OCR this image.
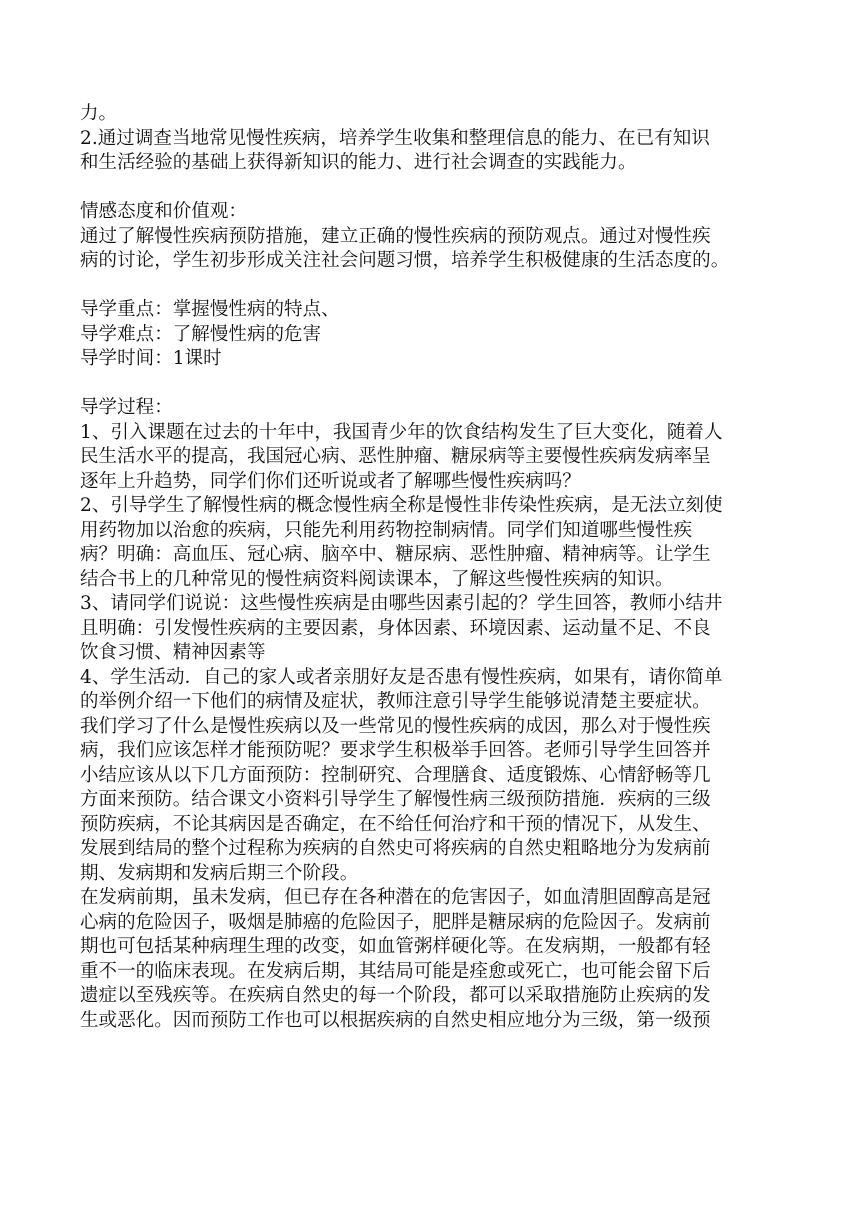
力。
2.通过调查当地常见慢性疾病，培养学生收集和整理信息的能力、在已有知识
和生活经验的基础上获得新知识的能力、进行社会调查的实践能力。
情感态度和价值观：
通过了解慢性疾病预防措施，建立正确的慢性疾病的预防观点。通过对慢性疾
病的讨论，学生初步形成关注社会问题习惯，培养学生积极健康的生活态度的。
导学重点：掌握慢性病的特点、
导学难点：了解慢性病的危害
导学时间：1课时
导学过程：
1、引入课题在过去的十年中，我国青少年的饮食结构发生了巨大变化，随着人
民生活水平的提高，我国冠心病、恶性肿瘤、糖尿病等主要慢性疾病发病率呈
逐年上升趋势，同学们你们还听说或者了解哪些慢性疾病吗？
2、引导学生了解慢性病的概念慢性病全称是慢性非传染性疾病，是无法立刻使
用药物加以治愈的疾病，只能先利用药物控制病情。同学们知道哪些慢性疾
病？明确：高血压、冠心病、脑卒中、糖尿病、恶性肿瘤、精神病等。让学生
结合书上的几种常见的慢性病资料阅读课本，了解这些慢性疾病的知识。
3、请同学们说说：这些慢性疾病是由哪些因素引起的？学生回答，教师小结井
且明确：引发慢性疾病的主要因素，身体因素、环境因素、运动量不足、不良
饮食习惯、精神因素等
4、学生活动．自己的家人或者亲朋好友是否患有慢性疾病，如果有，请你简单
的举例介绍一下他们的病情及症状，教师注意引导学生能够说清楚主要症状。
我们学习了什么是慢性疾病以及一些常见的慢性疾病的成因，那么对于慢性疾
病，我们应该怎样才能预防呢？要求学生积极举手回答。老师引导学生回答并
小结应该从以下几方面预防：控制研究、合理膳食、适度锻炼、心情舒畅等几
方面来预防。结合课文小资料引导学生了解慢性病三级预防措施．疾病的三级
预防疾病，不论其病因是否确定，在不给任何治疗和干预的情况下，从发生、
发展到结局的整个过程称为疾病的自然史可将疾病的自然史粗略地分为发病前
期、发病期和发病后期三个阶段。
在发病前期，虽未发病，但已存在各种潜在的危害因子，如血清胆固醇高是冠
心病的危险因子，吸烟是肺癌的危险因子，肥胖是糖尿病的危险因子。发病前
期也可包括某种病理生理的改变，如血管粥样硬化等。在发病期，一般都有轻
重不一的临床表现。在发病后期，其结局可能是痊愈或死亡，也可能会留下后
遗症以至残疾等。在疾病自然史的每一个阶段，都可以采取措施防止疾病的发
生或恶化。因而预防工作也可以根据疾病的自然史相应地分为三级，第一级预
